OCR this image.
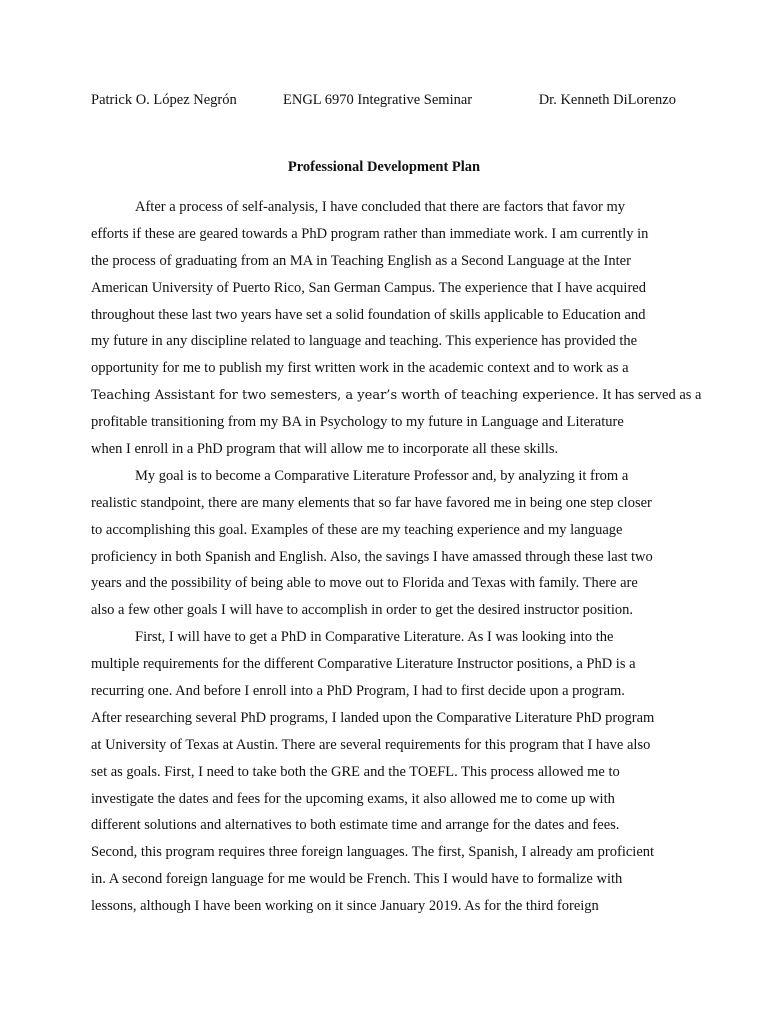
Patrick O. López Negrón	ENGL 6970 Integrative Seminar	Dr. Kenneth DiLorenzo
Professional Development Plan
After a process of self-analysis, I have concluded that there are factors that favor my
efforts if these are geared towards a PhD program rather than immediate work. I am currently in
the process of graduating from an MA in Teaching English as a Second Language at the Inter
American University of Puerto Rico, San German Campus. The experience that I have acquired
throughout these last two years have set a solid foundation of skills applicable to Education and
my future in any discipline related to language and teaching. This experience has provided the
opportunity for me to publish my first written work in the academic context and to work as a
Teaching Assistant for two semesters, a year’s worth of teaching experience. It has served as a
profitable transitioning from my BA in Psychology to my future in Language and Literature
when I enroll in a PhD program that will allow me to incorporate all these skills.
My goal is to become a Comparative Literature Professor and, by analyzing it from a
realistic standpoint, there are many elements that so far have favored me in being one step closer
to accomplishing this goal. Examples of these are my teaching experience and my language
proficiency in both Spanish and English. Also, the savings I have amassed through these last two
years and the possibility of being able to move out to Florida and Texas with family. There are
also a few other goals I will have to accomplish in order to get the desired instructor position.
First, I will have to get a PhD in Comparative Literature. As I was looking into the
multiple requirements for the different Comparative Literature Instructor positions, a PhD is a
recurring one. And before I enroll into a PhD Program, I had to first decide upon a program.
After researching several PhD programs, I landed upon the Comparative Literature PhD program
at University of Texas at Austin. There are several requirements for this program that I have also
set as goals. First, I need to take both the GRE and the TOEFL. This process allowed me to
investigate the dates and fees for the upcoming exams, it also allowed me to come up with
different solutions and alternatives to both estimate time and arrange for the dates and fees.
Second, this program requires three foreign languages. The first, Spanish, I already am proficient
in. A second foreign language for me would be French. This I would have to formalize with
lessons, although I have been working on it since January 2019. As for the third foreign
